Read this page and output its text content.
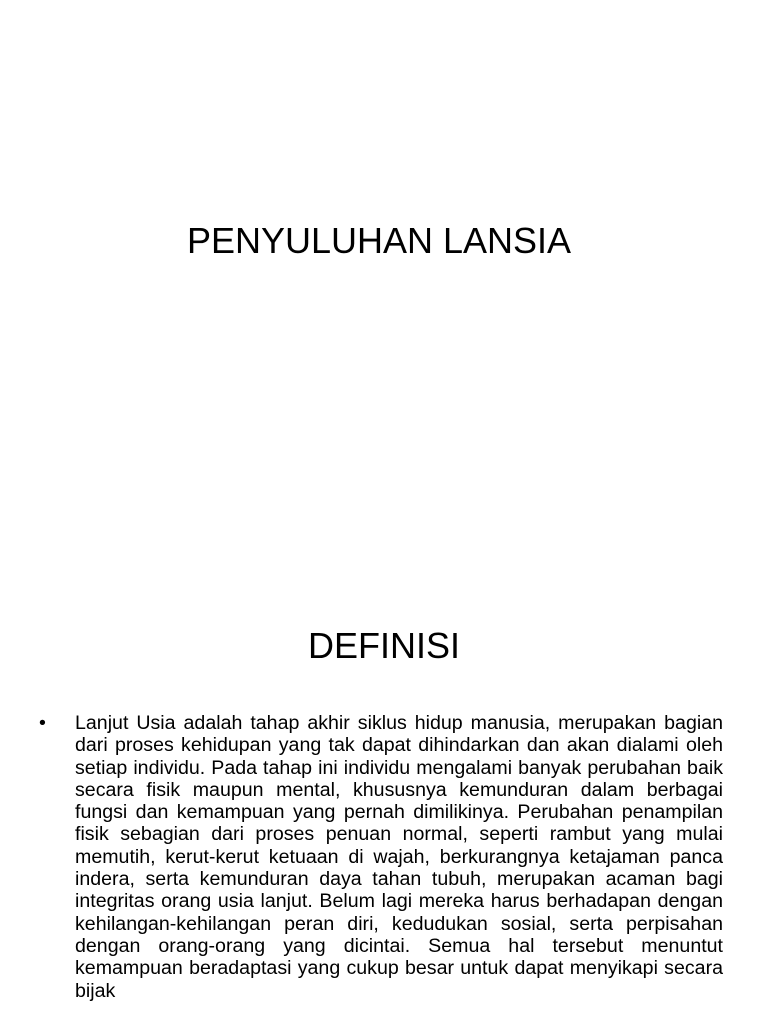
PENYULUHAN LANSIA
DEFINISI
• Lanjut Usia adalah tahap akhir siklus hidup manusia, merupakan bagian dari proses kehidupan yang tak dapat dihindarkan dan akan dialami oleh setiap individu. Pada tahap ini individu mengalami banyak perubahan baik secara fisik maupun mental, khususnya kemunduran dalam berbagai fungsi dan kemampuan yang pernah dimilikinya. Perubahan penampilan fisik sebagian dari proses penuan normal, seperti rambut yang mulai memutih, kerut-kerut ketuaan di wajah, berkurangnya ketajaman panca indera, serta kemunduran daya tahan tubuh, merupakan acaman bagi integritas orang usia lanjut. Belum lagi mereka harus berhadapan dengan kehilangan-kehilangan peran diri, kedudukan sosial, serta perpisahan dengan orang-orang yang dicintai. Semua hal tersebut menuntut kemampuan beradaptasi yang cukup besar untuk dapat menyikapi secara bijak
